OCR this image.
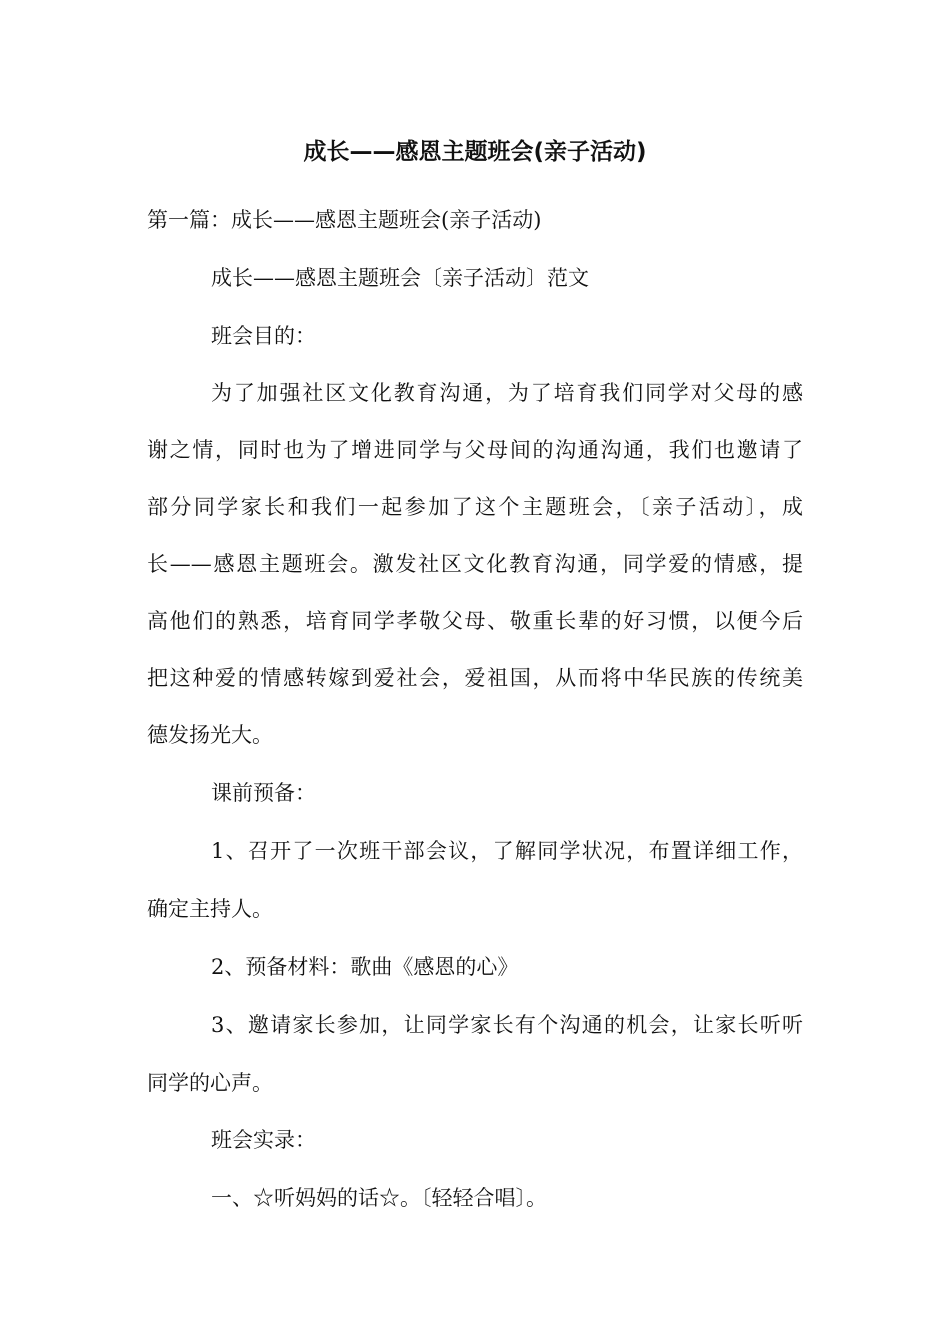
成长——感恩主题班会(亲子活动)
第一篇：成长——感恩主题班会(亲子活动)
成长——感恩主题班会〔亲子活动〕范文
班会目的：
为了加强社区文化教育沟通，为了培育我们同学对父母的感
谢之情，同时也为了增进同学与父母间的沟通沟通，我们也邀请了
部分同学家长和我们一起参加了这个主题班会，〔亲子活动〕，成
长——感恩主题班会。激发社区文化教育沟通，同学爱的情感，提
高他们的熟悉，培育同学孝敬父母、敬重长辈的好习惯，以便今后
把这种爱的情感转嫁到爱社会，爱祖国，从而将中华民族的传统美
德发扬光大。
课前预备：
1、召开了一次班干部会议，了解同学状况，布置详细工作，
确定主持人。
2、预备材料：歌曲《感恩的心》
3、邀请家长参加，让同学家长有个沟通的机会，让家长听听
同学的心声。
班会实录：
一、☆听妈妈的话☆。〔轻轻合唱〕。
